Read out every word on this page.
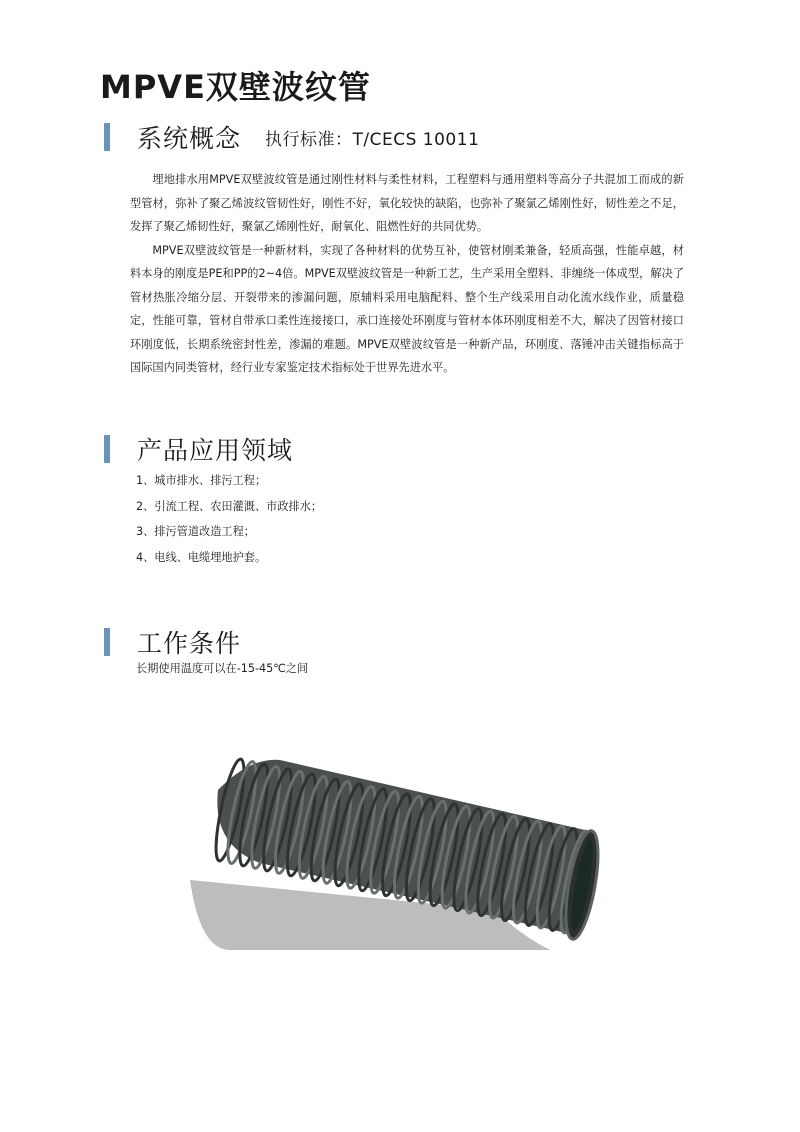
MPVE双壁波纹管
系统概念 执行标准：T/CECS 10011

埋地排水用MPVE双壁波纹管是通过刚性材料与柔性材料，工程塑料与通用塑料等高分子共混加工而成的新型管材，弥补了聚乙烯波纹管韧性好，刚性不好，氧化较快的缺陷，也弥补了聚氯乙烯刚性好，韧性差之不足，发挥了聚乙烯韧性好，聚氯乙烯刚性好，耐氧化、阻燃性好的共同优势。

MPVE双壁波纹管是一种新材料，实现了各种材料的优势互补，使管材刚柔兼备，轻质高强，性能卓越，材料本身的刚度是PE和PP的2~4倍。MPVE双壁波纹管是一种新工艺，生产采用全塑料、非缠绕一体成型，解决了管材热胀冷缩分层、开裂带来的渗漏问题，原辅料采用电脑配料、整个生产线采用自动化流水线作业，质量稳定，性能可靠，管材自带承口柔性连接接口，承口连接处环刚度与管材本体环刚度相差不大，解决了因管材接口环刚度低，长期系统密封性差，渗漏的难题。MPVE双壁波纹管是一种新产品，环刚度、落锤冲击关键指标高于国际国内同类管材，经行业专家鉴定技术指标处于世界先进水平。

产品应用领域
1、城市排水、排污工程；
2、引流工程、农田灌溉、市政排水；
3、排污管道改造工程；
4、电线、电缆埋地护套。
工作条件
长期使用温度可以在-15-45℃之间
